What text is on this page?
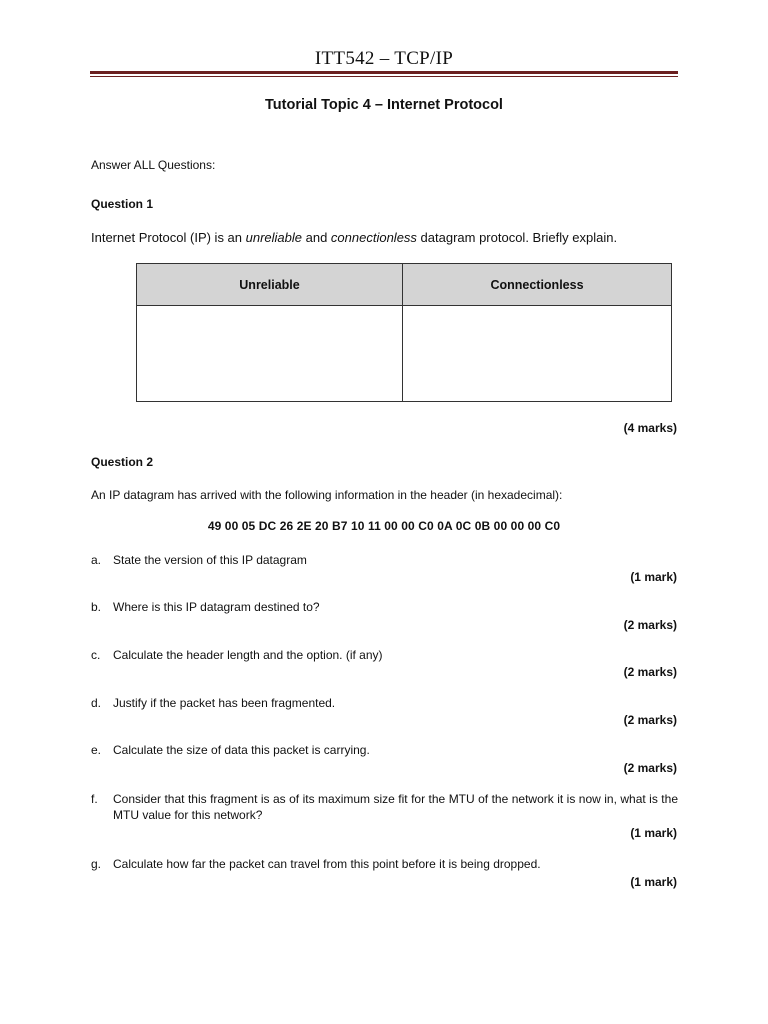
ITT542 – TCP/IP
Tutorial Topic 4 – Internet Protocol
Answer ALL Questions:
Question 1
Internet Protocol (IP) is an unreliable and connectionless datagram protocol. Briefly explain.
Unreliable	Connectionless

(4 marks)
Question 2
An IP datagram has arrived with the following information in the header (in hexadecimal):
49 00 05 DC 26 2E 20 B7 10 11 00 00 C0 0A 0C 0B 00 00 00 C0
a. State the version of this IP datagram
(1 mark)
b. Where is this IP datagram destined to?
(2 marks)
c. Calculate the header length and the option. (if any)
(2 marks)
d. Justify if the packet has been fragmented.
(2 marks)
e. Calculate the size of data this packet is carrying.
(2 marks)
f. Consider that this fragment is as of its maximum size fit for the MTU of the network it is now in, what is the MTU value for this network?
(1 mark)
g. Calculate how far the packet can travel from this point before it is being dropped.
(1 mark)
